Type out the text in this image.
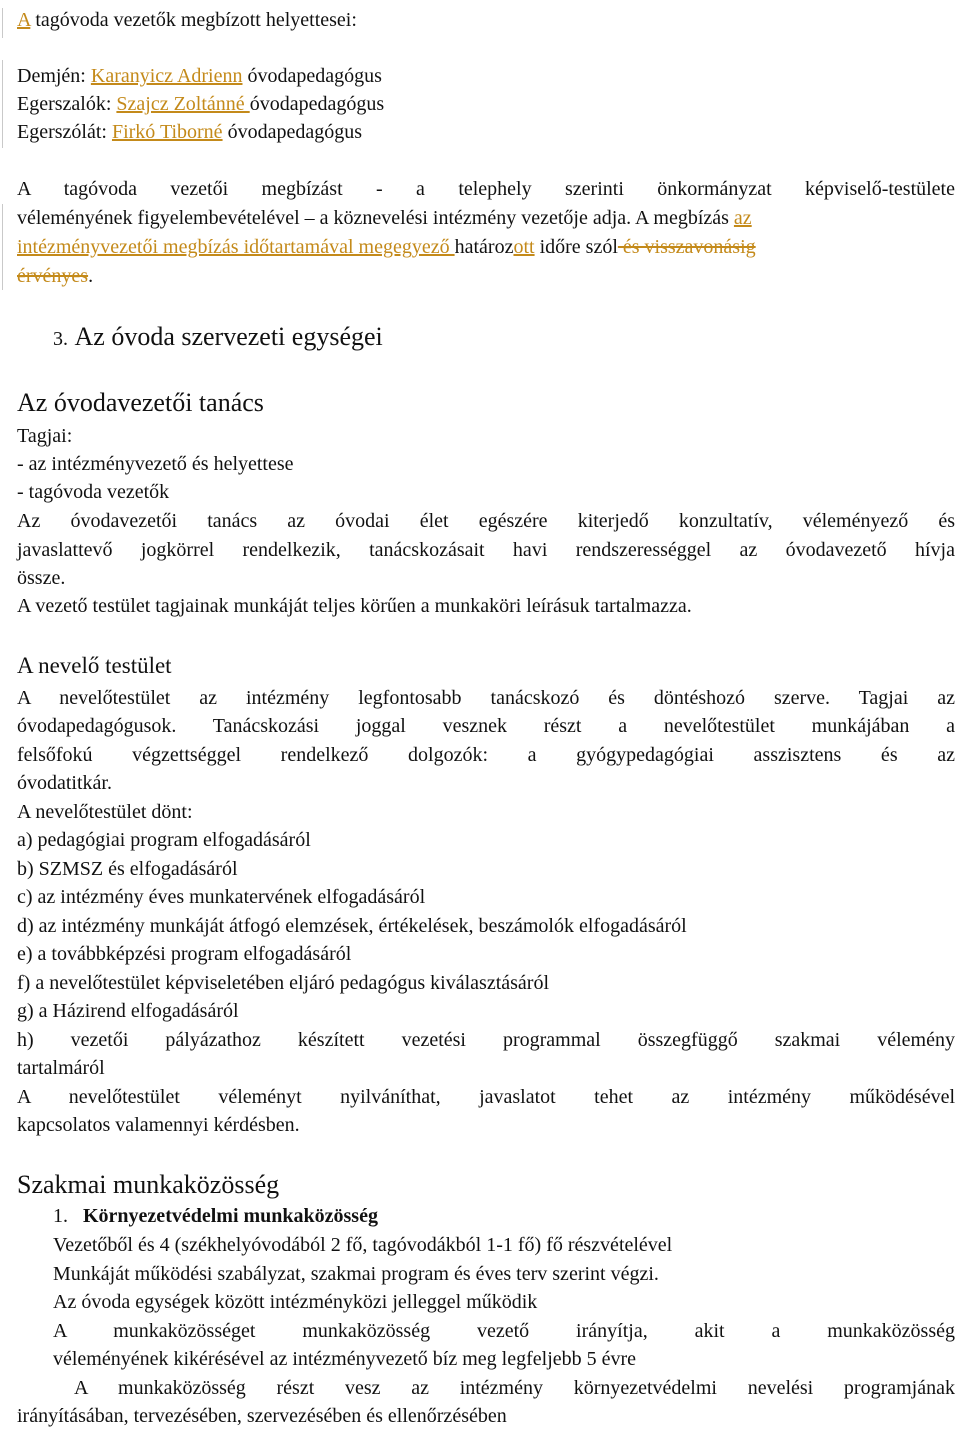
A tagóvoda vezetők megbízott helyettesei:
Demjén: Karanyicz Adrienn óvodapedagógus
Egerszalók: Szajcz Zoltánné óvodapedagógus
Egerszólát: Firkó Tiborné óvodapedagógus
A tagóvoda vezetői megbízást - a telephely szerinti önkormányzat képviselő-testülete
véleményének figyelembevételével – a köznevelési intézmény vezetője adja. A megbízás az
intézményvezetői megbízás időtartamával megegyező határozott időre szól és visszavonásig
érvényes.
3. Az óvoda szervezeti egységei
Az óvodavezetői tanács
Tagjai:
- az intézményvezető és helyettese
- tagóvoda vezetők
Az óvodavezetői tanács az óvodai élet egészére kiterjedő konzultatív, véleményező és
javaslattevő jogkörrel rendelkezik, tanácskozásait havi rendszerességgel az óvodavezető hívja
össze.
A vezető testület tagjainak munkáját teljes körűen a munkaköri leírásuk tartalmazza.
A nevelő testület
A nevelőtestület az intézmény legfontosabb tanácskozó és döntéshozó szerve. Tagjai az
óvodapedagógusok. Tanácskozási joggal vesznek részt a nevelőtestület munkájában a
felsőfokú végzettséggel rendelkező dolgozók: a gyógypedagógiai asszisztens és az
óvodatitkár.
A nevelőtestület dönt:
a) pedagógiai program elfogadásáról
b) SZMSZ és elfogadásáról
c) az intézmény éves munkatervének elfogadásáról
d) az intézmény munkáját átfogó elemzések, értékelések, beszámolók elfogadásáról
e) a továbbképzési program elfogadásáról
f) a nevelőtestület képviseletében eljáró pedagógus kiválasztásáról
g) a Házirend elfogadásáról
h) vezetői pályázathoz készített vezetési programmal összegfüggő szakmai vélemény
tartalmáról
A nevelőtestület véleményt nyilváníthat, javaslatot tehet az intézmény működésével
kapcsolatos valamennyi kérdésben.
Szakmai munkaközösség
1. Környezetvédelmi munkaközösség
Vezetőből és 4 (székhelyóvodából 2 fő, tagóvodákból 1-1 fő) fő részvételével
Munkáját működési szabályzat, szakmai program és éves terv szerint végzi.
Az óvoda egységek között intézményközi jelleggel működik
A munkaközösséget munkaközösség vezető irányítja, akit a munkaközösség
véleményének kikérésével az intézményvezető bíz meg legfeljebb 5 évre
A munkaközösség részt vesz az intézmény környezetvédelmi nevelési programjának
irányításában, tervezésében, szervezésében és ellenőrzésében
